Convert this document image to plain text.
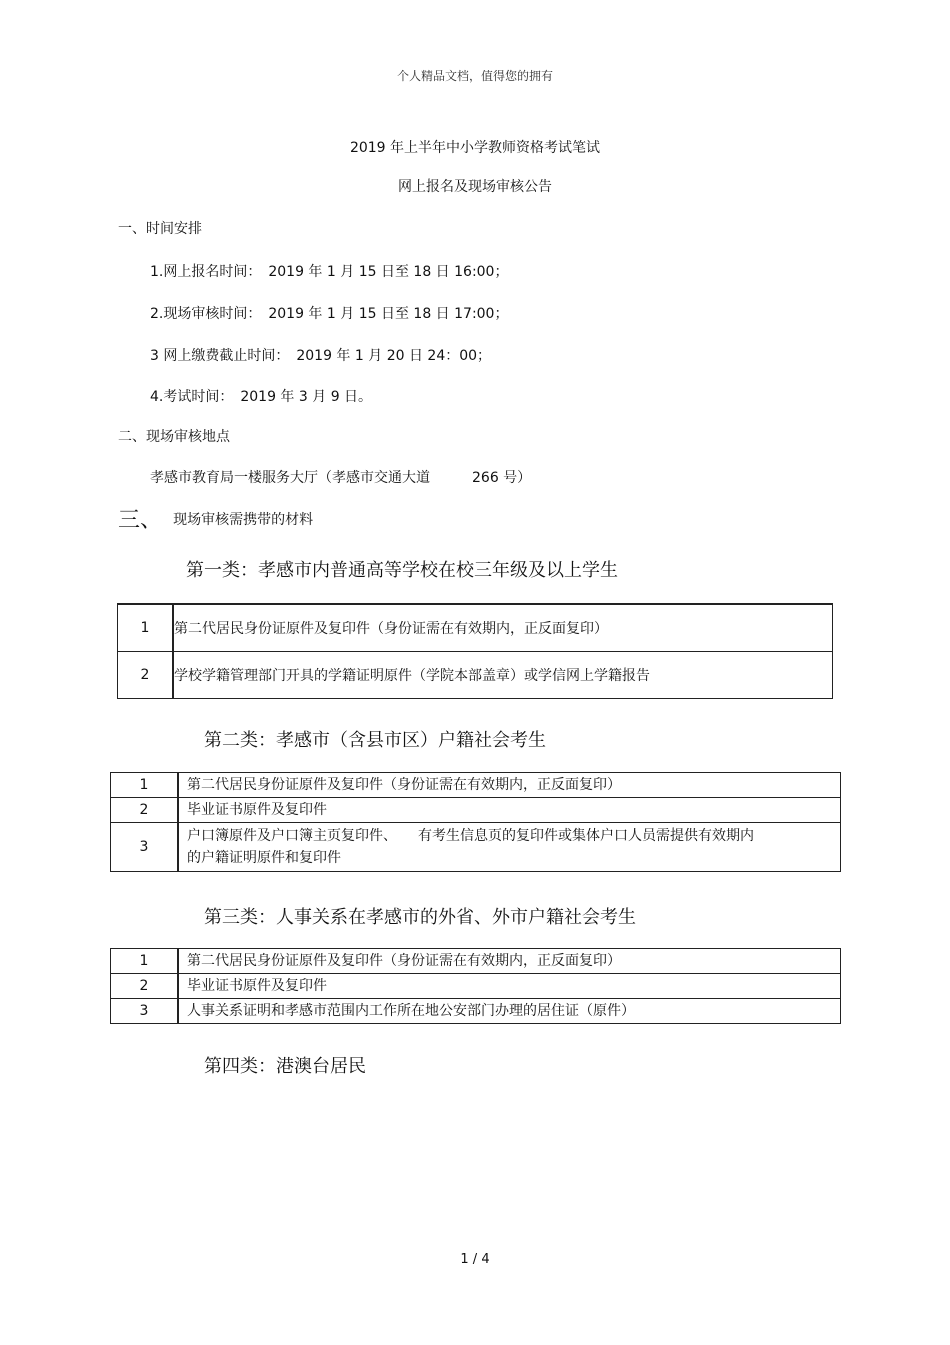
个人精品文档，值得您的拥有
2019 年上半年中小学教师资格考试笔试
网上报名及现场审核公告
一、时间安排
1.网上报名时间：　2019 年 1 月 15 日至 18 日 16:00；
2.现场审核时间：　2019 年 1 月 15 日至 18 日 17:00；
3 网上缴费截止时间：　2019 年 1 月 20 日 24：00；
4.考试时间：　2019 年 3 月 9 日。
二、现场审核地点
孝感市教育局一楼服务大厅（孝感市交通大道　　　266 号）
三、 现场审核需携带的材料
第一类：孝感市内普通高等学校在校三年级及以上学生
1	第二代居民身份证原件及复印件（身份证需在有效期内，正反面复印）
2	学校学籍管理部门开具的学籍证明原件（学院本部盖章）或学信网上学籍报告
第二类：孝感市（含县市区）户籍社会考生
1	第二代居民身份证原件及复印件（身份证需在有效期内，正反面复印）
2	毕业证书原件及复印件
3	户口簿原件及户口簿主页复印件、　　有考生信息页的复印件或集体户口人员需提供有效期内
的户籍证明原件和复印件
第三类：人事关系在孝感市的外省、外市户籍社会考生
1	第二代居民身份证原件及复印件（身份证需在有效期内，正反面复印）
2	毕业证书原件及复印件
3	人事关系证明和孝感市范围内工作所在地公安部门办理的居住证（原件）
第四类：港澳台居民
1 / 4
